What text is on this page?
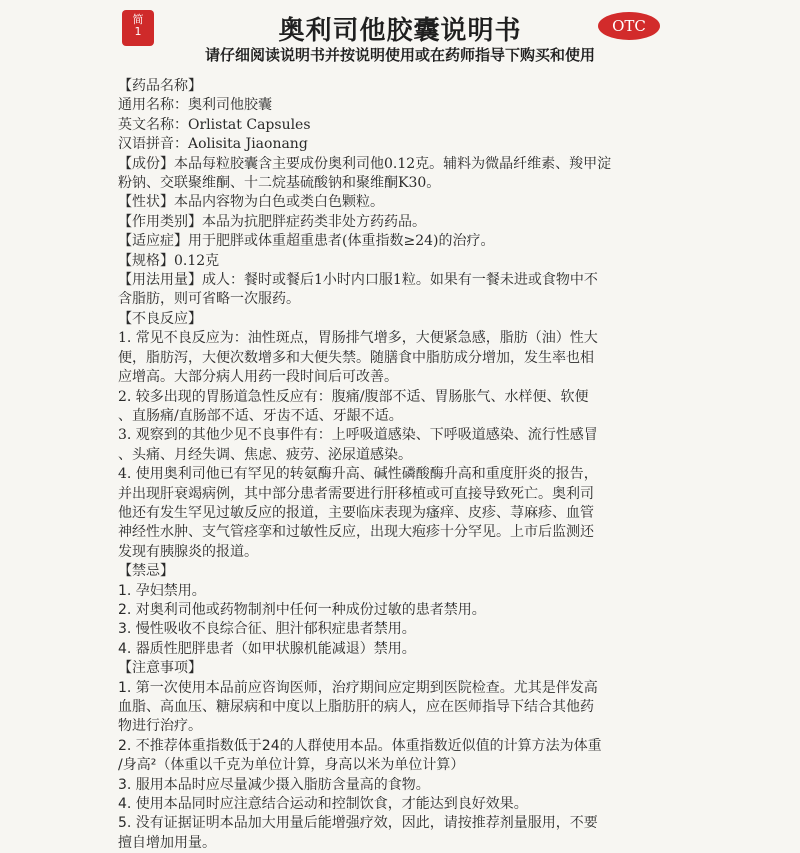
简
1	奥利司他胶囊说明书	OTC
请仔细阅读说明书并按说明使用或在药师指导下购买和使用
【药品名称】
通用名称：奥利司他胶囊
英文名称：Orlistat Capsules
汉语拼音：Aolisita Jiaonang
【成份】本品每粒胶囊含主要成份奥利司他0.12克。辅料为微晶纤维素、羧甲淀
粉钠、交联聚维酮、十二烷基硫酸钠和聚维酮K30。
【性状】本品内容物为白色或类白色颗粒。
【作用类别】本品为抗肥胖症药类非处方药药品。
【适应症】用于肥胖或体重超重患者(体重指数≥24)的治疗。
【规格】0.12克
【用法用量】成人：餐时或餐后1小时内口服1粒。如果有一餐未进或食物中不
含脂肪，则可省略一次服药。
【不良反应】
1. 常见不良反应为：油性斑点，胃肠排气增多，大便紧急感，脂肪（油）性大
便，脂肪泻，大便次数增多和大便失禁。随膳食中脂肪成分增加，发生率也相
应增高。大部分病人用药一段时间后可改善。
2. 较多出现的胃肠道急性反应有：腹痛/腹部不适、胃肠胀气、水样便、软便
、直肠痛/直肠部不适、牙齿不适、牙龈不适。
3. 观察到的其他少见不良事件有：上呼吸道感染、下呼吸道感染、流行性感冒
、头痛、月经失调、焦虑、疲劳、泌尿道感染。
4. 使用奥利司他已有罕见的转氨酶升高、碱性磷酸酶升高和重度肝炎的报告，
并出现肝衰竭病例，其中部分患者需要进行肝移植或可直接导致死亡。奥利司
他还有发生罕见过敏反应的报道，主要临床表现为瘙痒、皮疹、荨麻疹、血管
神经性水肿、支气管痉挛和过敏性反应，出现大疱疹十分罕见。上市后监测还
发现有胰腺炎的报道。
【禁忌】
1. 孕妇禁用。
2. 对奥利司他或药物制剂中任何一种成份过敏的患者禁用。
3. 慢性吸收不良综合征、胆汁郁积症患者禁用。
4. 器质性肥胖患者（如甲状腺机能减退）禁用。
【注意事项】
1. 第一次使用本品前应咨询医师，治疗期间应定期到医院检查。尤其是伴发高
血脂、高血压、糖尿病和中度以上脂肪肝的病人，应在医师指导下结合其他药
物进行治疗。
2. 不推荐体重指数低于24的人群使用本品。体重指数近似值的计算方法为体重
/身高²（体重以千克为单位计算，身高以米为单位计算）
3. 服用本品时应尽量减少摄入脂肪含量高的食物。
4. 使用本品同时应注意结合运动和控制饮食，才能达到良好效果。
5. 没有证据证明本品加大用量后能增强疗效，因此，请按推荐剂量服用，不要
擅自增加用量。
